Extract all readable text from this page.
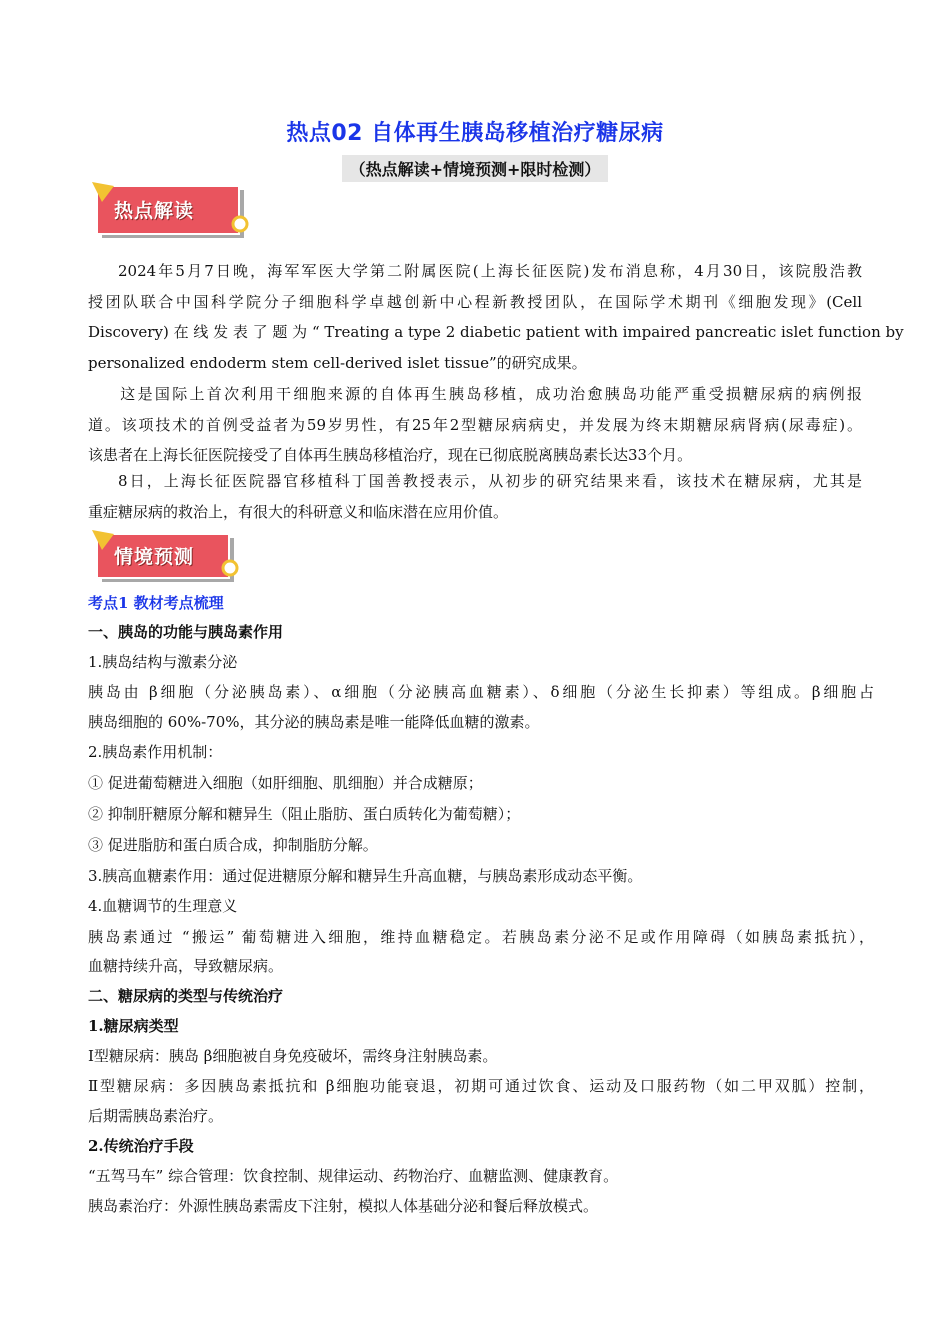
热点02 自体再生胰岛移植治疗糖尿病
（热点解读+情境预测+限时检测）
热点解读
2024年5月7日晚，海军军医大学第二附属医院(上海长征医院)发布消息称，4月30日，该院殷浩教
授团队联合中国科学院分子细胞科学卓越创新中心程新教授团队，在国际学术期刊《细胞发现》(Cell
Discovery) 在 线 发 表 了 题 为 “ Treating a type 2 diabetic patient with impaired pancreatic islet function by
personalized endoderm stem cell-derived islet tissue”的研究成果。
这是国际上首次利用干细胞来源的自体再生胰岛移植，成功治愈胰岛功能严重受损糖尿病的病例报
道。该项技术的首例受益者为59岁男性，有25年2型糖尿病病史，并发展为终末期糖尿病肾病(尿毒症)。
该患者在上海长征医院接受了自体再生胰岛移植治疗，现在已彻底脱离胰岛素长达33个月。
8日，上海长征医院器官移植科丁国善教授表示，从初步的研究结果来看，该技术在糖尿病，尤其是
重症糖尿病的救治上，有很大的科研意义和临床潜在应用价值。
情境预测
考点1 教材考点梳理
一、胰岛的功能与胰岛素作用
1.胰岛结构与激素分泌
胰岛由 β细胞（分泌胰岛素）、α细胞（分泌胰高血糖素）、δ细胞（分泌生长抑素）等组成。β细胞占
胰岛细胞的 60%-70%，其分泌的胰岛素是唯一能降低血糖的激素。
2.胰岛素作用机制：
① 促进葡萄糖进入细胞（如肝细胞、肌细胞）并合成糖原；
② 抑制肝糖原分解和糖异生（阻止脂肪、蛋白质转化为葡萄糖）；
③ 促进脂肪和蛋白质合成，抑制脂肪分解。
3.胰高血糖素作用：通过促进糖原分解和糖异生升高血糖，与胰岛素形成动态平衡。
4.血糖调节的生理意义
胰岛素通过 “搬运” 葡萄糖进入细胞，维持血糖稳定。若胰岛素分泌不足或作用障碍（如胰岛素抵抗），
血糖持续升高，导致糖尿病。
二、糖尿病的类型与传统治疗
1.糖尿病类型
Ⅰ型糖尿病：胰岛 β细胞被自身免疫破坏，需终身注射胰岛素。
Ⅱ型糖尿病：多因胰岛素抵抗和 β细胞功能衰退，初期可通过饮食、运动及口服药物（如二甲双胍）控制，
后期需胰岛素治疗。
2.传统治疗手段
“五驾马车” 综合管理：饮食控制、规律运动、药物治疗、血糖监测、健康教育。
胰岛素治疗：外源性胰岛素需皮下注射，模拟人体基础分泌和餐后释放模式。
